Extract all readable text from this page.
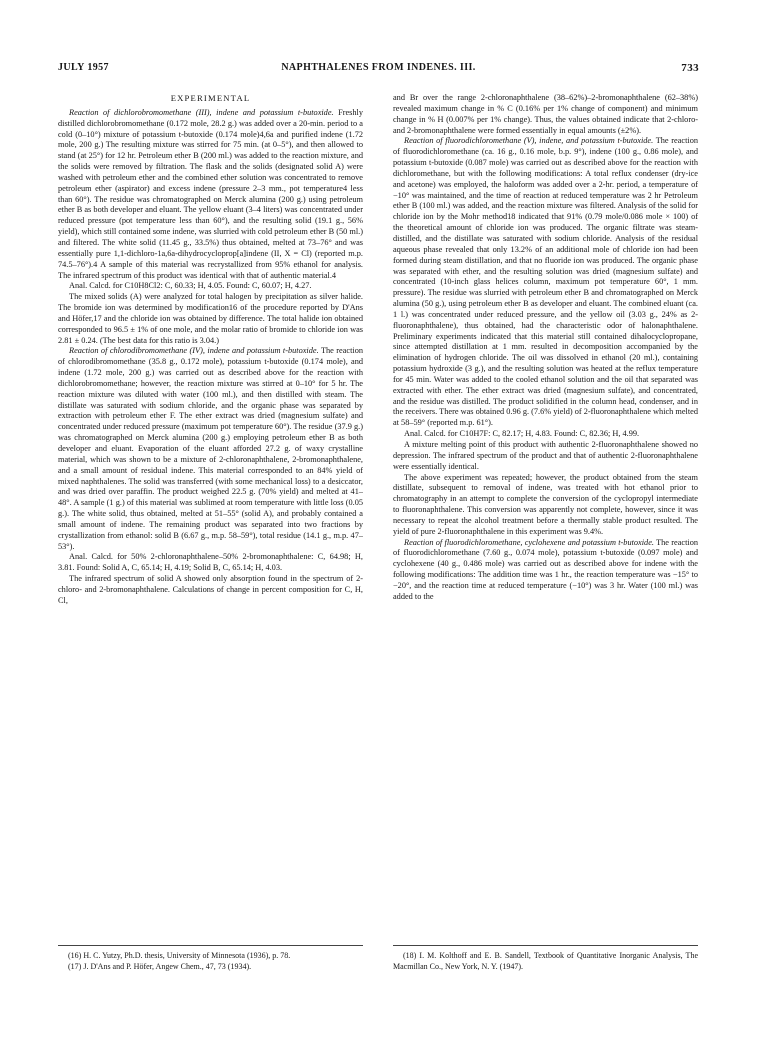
JULY 1957	NAPHTHALENES FROM INDENES. III.	733
EXPERIMENTAL

Reaction of dichlorobromomethane (III), indene and potassium t-butoxide. Freshly distilled dichlorobromomethane (0.172 mole, 28.2 g.) was added over a 20-min. period to a cold (0–10°) mixture of potassium t-butoxide (0.174 mole)4,6a and purified indene (1.72 mole, 200 g.) The resulting mixture was stirred for 75 min. (at 0–5°), and then allowed to stand (at 25°) for 12 hr. Petroleum ether B (200 ml.) was added to the reaction mixture, and the solids were removed by filtration. The flask and the solids (designated solid A) were washed with petroleum ether and the combined ether solution was concentrated to remove petroleum ether (aspirator) and excess indene (pressure 2–3 mm., pot temperature4 less than 60°). The residue was chromatographed on Merck alumina (200 g.) using petroleum ether B as both developer and eluant. The yellow eluant (3–4 liters) was concentrated under reduced pressure (pot temperature less than 60°), and the resulting solid (19.1 g., 56% yield), which still contained some indene, was slurried with cold petroleum ether B (50 ml.) and filtered. The white solid (11.45 g., 33.5%) thus obtained, melted at 73–76° and was essentially pure 1,1-dichloro-1a,6a-dihydrocycloprop[a]indene (II, X = Cl) (reported m.p. 74.5–76°).4 A sample of this material was recrystallized from 95% ethanol for analysis. The infrared spectrum of this product was identical with that of authentic material.4

Anal. Calcd. for C10H8Cl2: C, 60.33; H, 4.05. Found: C, 60.07; H, 4.27.

The mixed solids (A) were analyzed for total halogen by precipitation as silver halide. The bromide ion was determined by modification16 of the procedure reported by D'Ans and Höfer,17 and the chloride ion was obtained by difference. The total halide ion obtained corresponded to 96.5 ± 1% of one mole, and the molar ratio of bromide to chloride ion was 2.81 ± 0.24. (The best data for this ratio is 3.04.)

Reaction of chlorodibromomethane (IV), indene and potassium t-butoxide. The reaction of chlorodibromomethane (35.8 g., 0.172 mole), potassium t-butoxide (0.174 mole), and indene (1.72 mole, 200 g.) was carried out as described above for the reaction with dichlorobromomethane; however, the reaction mixture was stirred at 0–10° for 5 hr. The reaction mixture was diluted with water (100 ml.), and then distilled with steam. The distillate was saturated with sodium chloride, and the organic phase was separated by extraction with petroleum ether F. The ether extract was dried (magnesium sulfate) and concentrated under reduced pressure (maximum pot temperature 60°). The residue (37.9 g.) was chromatographed on Merck alumina (200 g.) employing petroleum ether B as both developer and eluant. Evaporation of the eluant afforded 27.2 g. of waxy crystalline material, which was shown to be a mixture of 2-chloronaphthalene, 2-bromonaphthalene, and a small amount of residual indene. This material corresponded to an 84% yield of mixed naphthalenes. The solid was transferred (with some mechanical loss) to a desiccator, and was dried over paraffin. The product weighed 22.5 g. (70% yield) and melted at 41–48°. A sample (1 g.) of this material was sublimed at room temperature with little loss (0.05 g.). The white solid, thus obtained, melted at 51–55° (solid A), and probably contained a small amount of indene. The remaining product was separated into two fractions by crystallization from ethanol: solid B (6.67 g., m.p. 58–59°), total residue (14.1 g., m.p. 47–53°).

Anal. Calcd. for 50% 2-chloronaphthalene–50% 2-bromonaphthalene: C, 64.98; H, 3.81. Found: Solid A, C, 65.14; H, 4.19; Solid B, C, 65.14; H, 4.03.

The infrared spectrum of solid A showed only absorption found in the spectrum of 2-chloro- and 2-bromonaphthalene. Calculations of change in percent composition for C, H, Cl,

and Br over the range 2-chloronaphthalene (38–62%)–2-bromonaphthalene (62–38%) revealed maximum change in % C (0.16% per 1% change of component) and minimum change in % H (0.007% per 1% change). Thus, the values obtained indicate that 2-chloro- and 2-bromonaphthalene were formed essentially in equal amounts (±2%).

Reaction of fluorodichloromethane (V), indene, and potassium t-butoxide. The reaction of fluorodichloromethane (ca. 16 g., 0.16 mole, b.p. 9°), indene (100 g., 0.86 mole), and potassium t-butoxide (0.087 mole) was carried out as described above for the reaction with dichloromethane, but with the following modifications: A total reflux condenser (dry-ice and acetone) was employed, the haloform was added over a 2-hr. period, a temperature of −10° was maintained, and the time of reaction at reduced temperature was 2 hr Petroleum ether B (100 ml.) was added, and the reaction mixture was filtered. Analysis of the solid for chloride ion by the Mohr method18 indicated that 91% (0.79 mole/0.086 mole × 100) of the theoretical amount of chloride ion was produced. The organic filtrate was steam-distilled, and the distillate was saturated with sodium chloride. Analysis of the residual aqueous phase revealed that only 13.2% of an additional mole of chloride ion had been formed during steam distillation, and that no fluoride ion was produced. The organic phase was separated with ether, and the resulting solution was dried (magnesium sulfate) and concentrated (10-inch glass helices column, maximum pot temperature 60°, 1 mm. pressure). The residue was slurried with petroleum ether B and chromatographed on Merck alumina (50 g.), using petroleum ether B as developer and eluant. The combined eluant (ca. 1 l.) was concentrated under reduced pressure, and the yellow oil (3.03 g., 24% as 2-fluoronaphthalene), thus obtained, had the characteristic odor of halonaphthalene. Preliminary experiments indicated that this material still contained dihalocyclopropane, since attempted distillation at 1 mm. resulted in decomposition accompanied by the elimination of hydrogen chloride. The oil was dissolved in ethanol (20 ml.), containing potassium hydroxide (3 g.), and the resulting solution was heated at the reflux temperature for 45 min. Water was added to the cooled ethanol solution and the oil that separated was extracted with ether. The ether extract was dried (magnesium sulfate), and concentrated, and the residue was distilled. The product solidified in the column head, condenser, and in the receivers. There was obtained 0.96 g. (7.6% yield) of 2-fluoronaphthalene which melted at 58–59° (reported m.p. 61°).

Anal. Calcd. for C10H7F: C, 82.17; H, 4.83. Found: C, 82.36; H, 4.99.

A mixture melting point of this product with authentic 2-fluoronaphthalene showed no depression. The infrared spectrum of the product and that of authentic 2-fluoronaphthalene were essentially identical.

The above experiment was repeated; however, the product obtained from the steam distillate, subsequent to removal of indene, was treated with hot ethanol prior to chromatography in an attempt to complete the conversion of the cyclopropyl intermediate to fluoronaphthalene. This conversion was apparently not complete, however, since it was necessary to repeat the alcohol treatment before a thermally stable product resulted. The yield of pure 2-fluoronaphthalene in this experiment was 9.4%.

Reaction of fluorodichloromethane, cyclohexene and potassium t-butoxide. The reaction of fluorodichloromethane (7.60 g., 0.074 mole), potassium t-butoxide (0.097 mole) and cyclohexene (40 g., 0.486 mole) was carried out as described above for indene with the following modifications: The addition time was 1 hr., the reaction temperature was −15° to −20°, and the reaction time at reduced temperature (−10°) was 3 hr. Water (100 ml.) was added to the

(16) H. C. Yutzy, Ph.D. thesis, University of Minnesota (1936), p. 78.

(17) J. D'Ans and P. Höfer, Angew Chem., 47, 73 (1934).

(18) I. M. Kolthoff and E. B. Sandell, Textbook of Quantitative Inorganic Analysis, The Macmillan Co., New York, N. Y. (1947).
